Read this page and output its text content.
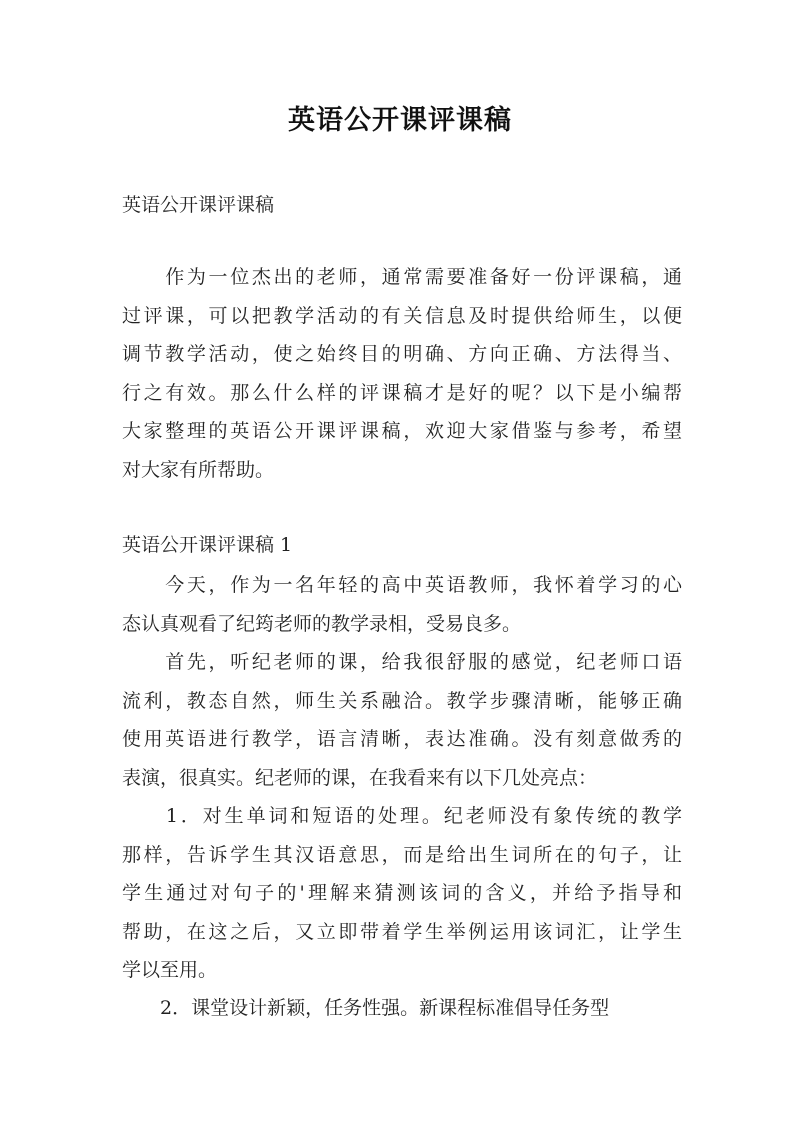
英语公开课评课稿
英语公开课评课稿
　　作为一位杰出的老师，通常需要准备好一份评课稿，通
过评课，可以把教学活动的有关信息及时提供给师生，以便
调节教学活动，使之始终目的明确、方向正确、方法得当、
行之有效。那么什么样的评课稿才是好的呢？以下是小编帮
大家整理的英语公开课评课稿，欢迎大家借鉴与参考，希望
对大家有所帮助。
英语公开课评课稿 1
　　今天，作为一名年轻的高中英语教师，我怀着学习的心
态认真观看了纪筠老师的教学录相，受易良多。
　　首先，听纪老师的课，给我很舒服的感觉，纪老师口语
流利，教态自然，师生关系融洽。教学步骤清晰，能够正确
使用英语进行教学，语言清晰，表达准确。没有刻意做秀的
表演，很真实。纪老师的课，在我看来有以下几处亮点：
　　1．对生单词和短语的处理。纪老师没有象传统的教学
那样，告诉学生其汉语意思，而是给出生词所在的句子，让
学生通过对句子的'理解来猜测该词的含义，并给予指导和
帮助，在这之后，又立即带着学生举例运用该词汇，让学生
学以至用。
　　2．课堂设计新颖，任务性强。新课程标准倡导任务型
